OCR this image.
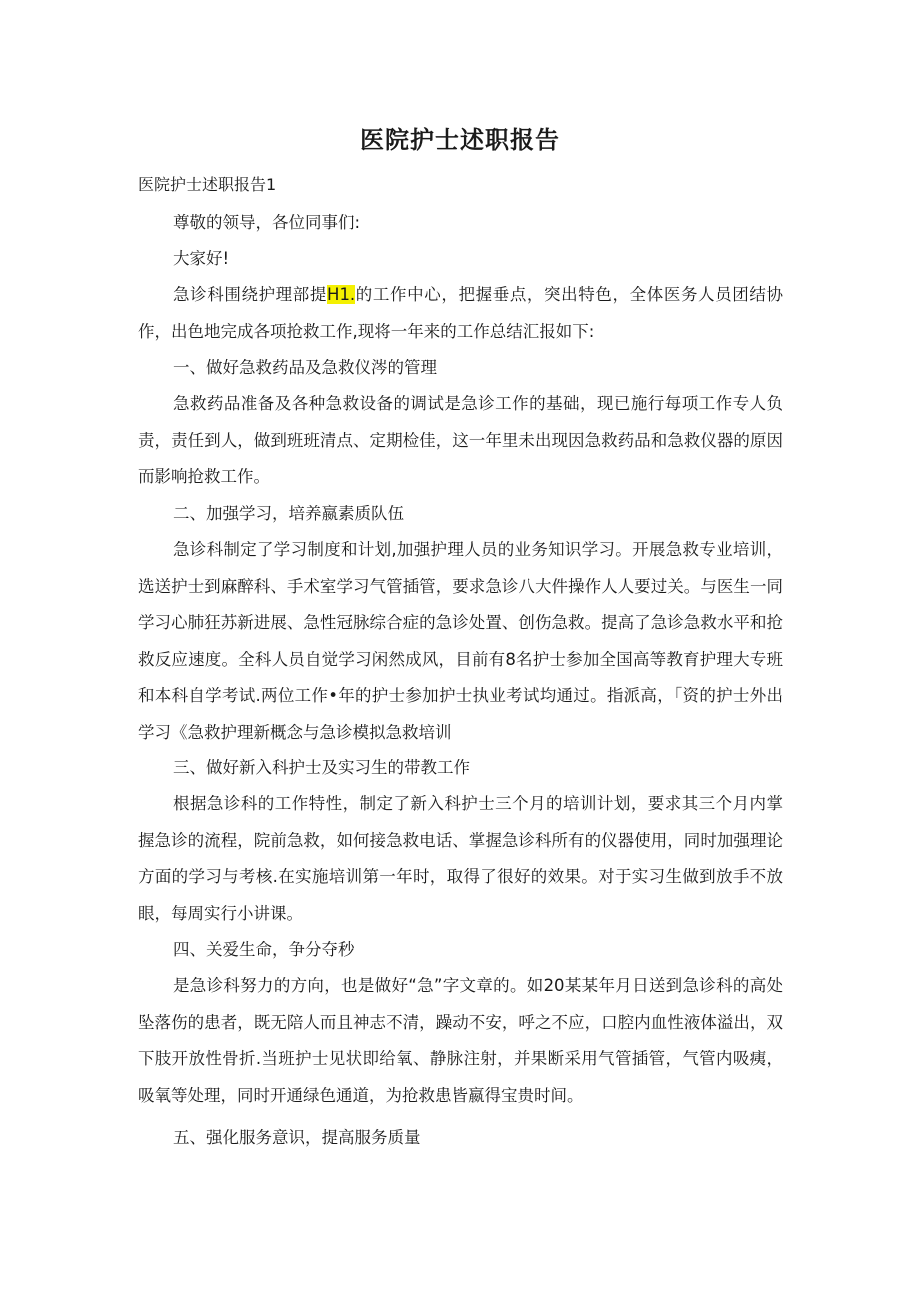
医院护士述职报告
医院护士述职报告1
尊敬的领导，各位同事们:
大家好!
急诊科围绕护理部提H1.的工作中心，把握垂点，突出特色，全体医务人员团结协作，出色地完成各项抢救工作,现将一年来的工作总结汇报如下:
一、做好急救药品及急救仪涔的管理
急救药品准备及各种急救设备的调试是急诊工作的基础，现已施行每项工作专人负责，责任到人，做到班班清点、定期检佳，这一年里未出现因急救药品和急救仪器的原因而影响抢救工作。
二、加强学习，培养嬴素质队伍
急诊科制定了学习制度和计划,加强护理人员的业务知识学习。开展急救专业培训，选送护士到麻醉科、手术室学习气管插管，要求急诊八大件操作人人要过关。与医生一同学习心肺狂苏新进展、急性冠脉综合症的急诊处置、创伤急救。提高了急诊急救水平和抢救反应速度。全科人员自觉学习闲然成风，目前有8名护士参加全国高等教育护理大专班和本科自学考试.两位工作•年的护士参加护士执业考试均通过。指派高，「资的护士外出学习《急救护理新概念与急诊模拟急救培训
三、做好新入科护士及实习生的带教工作
根据急诊科的工作特性，制定了新入科护士三个月的培训计划，要求其三个月内掌握急诊的流程，院前急救，如何接急救电话、掌握急诊科所有的仪器使用，同时加强理论方面的学习与考核.在实施培训第一年时，取得了很好的效果。对于实习生做到放手不放眼，每周实行小讲课。
四、关爱生命，争分夺秒
是急诊科努力的方向，也是做好“急”字文章的。如20某某年月日送到急诊科的高处坠落伤的患者，既无陪人而且神志不清，躁动不安，呼之不应，口腔内血性液体溢出，双下肢开放性骨折.当班护士见状即给氧、静脉注射，并果断采用气管插管，气管内吸痍，吸氧等处理，同时开通绿色通道，为抢救患皆嬴得宝贵时间。
五、强化服务意识，提高服务质量
